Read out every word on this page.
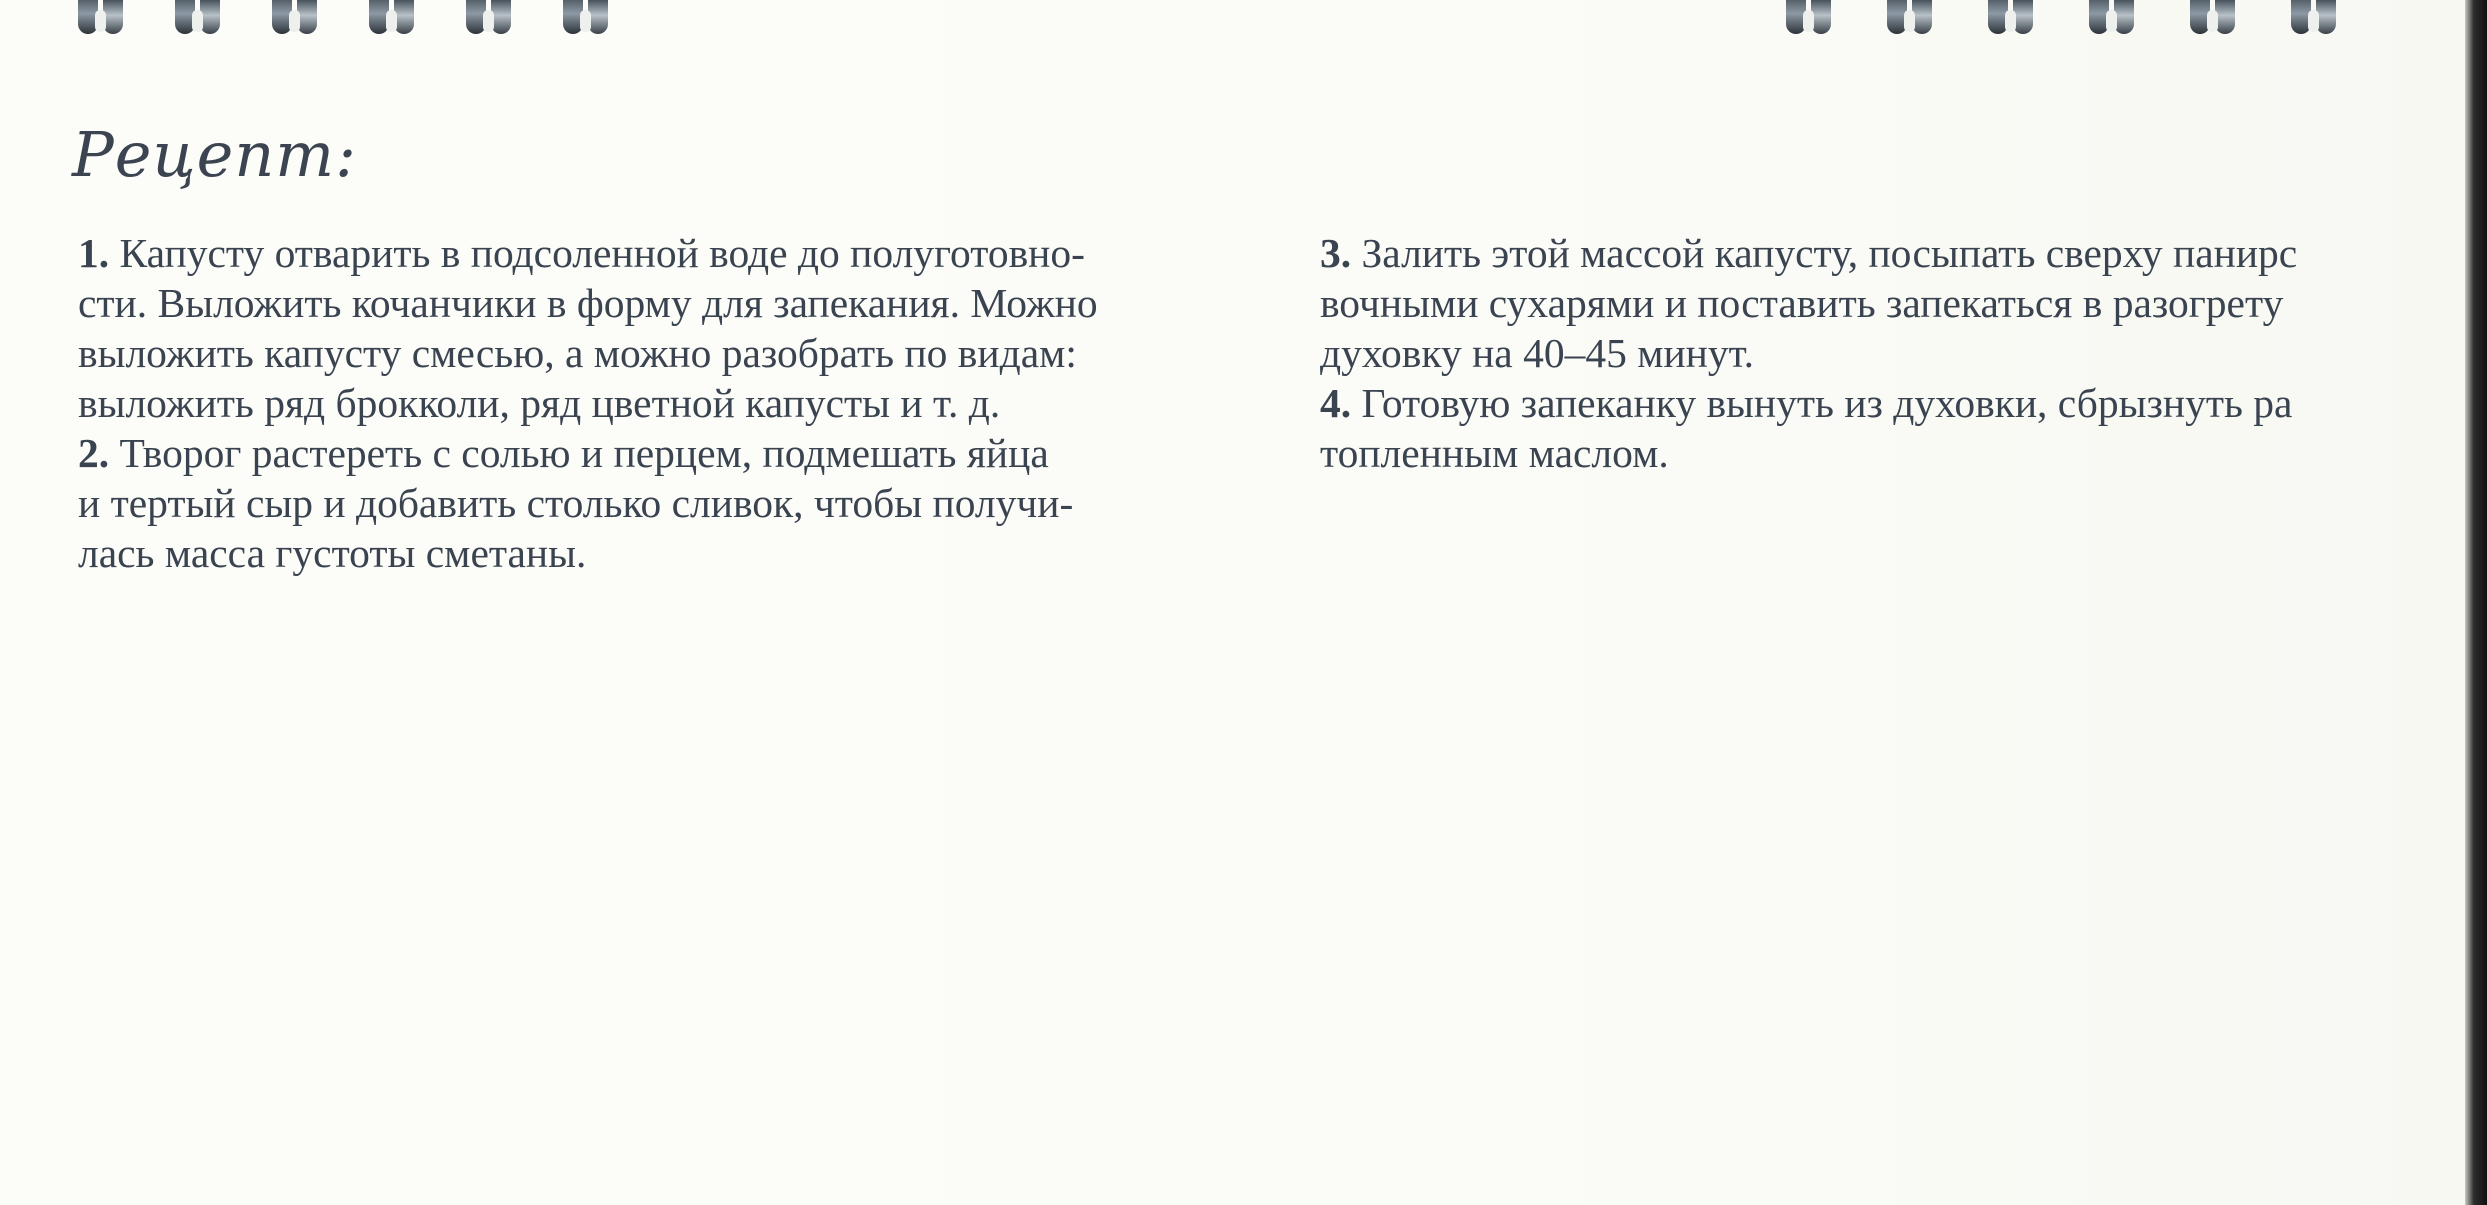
Рецепт:
1. Капусту отварить в подсоленной воде до полуготовно-
сти. Выложить кочанчики в форму для запекания. Можно
выложить капусту смесью, а можно разобрать по видам:
выложить ряд брокколи, ряд цветной капусты и т. д.
2. Творог растереть с солью и перцем, подмешать яйца
и тертый сыр и добавить столько сливок, чтобы получи-
лась масса густоты сметаны.
3. Залить этой массой капусту, посыпать сверху панирс
вочными сухарями и поставить запекаться в разогрету
духовку на 40–45 минут.
4. Готовую запеканку вынуть из духовки, сбрызнуть ра
топленным маслом.
